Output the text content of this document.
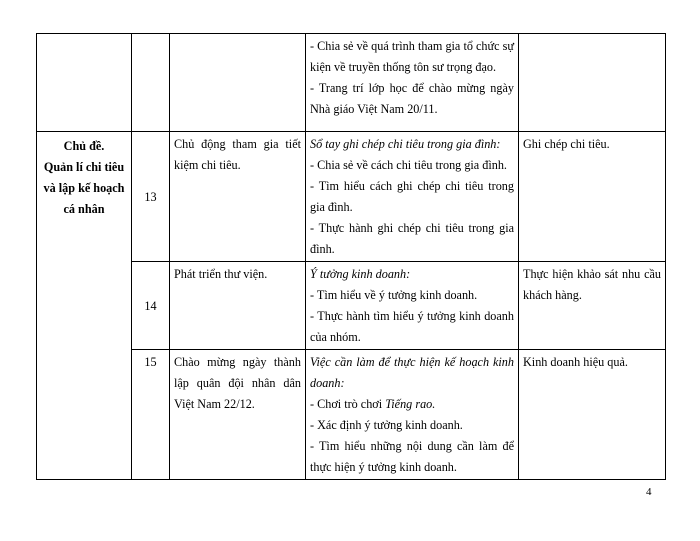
			- Chia sẻ về quá trình tham gia tổ chức sự kiện về truyền thống tôn sư trọng đạo.
- Trang trí lớp học để chào mừng ngày Nhà giáo Việt Nam 20/11.	

Chủ đề.
Quản lí chi tiêu
và lập kế hoạch
cá nhân	13	Chủ động tham gia tiết kiệm chi tiêu.	Sổ tay ghi chép chi tiêu trong gia đình:
- Chia sẻ về cách chi tiêu trong gia đình.
- Tìm hiểu cách ghi chép chi tiêu trong gia đình.
- Thực hành ghi chép chi tiêu trong gia đình.	Ghi chép chi tiêu.
	14	Phát triển thư viện.	Ý tưởng kinh doanh:
- Tìm hiểu về ý tưởng kinh doanh.
- Thực hành tìm hiểu ý tưởng kinh doanh của nhóm.	Thực hiện khảo sát nhu cầu khách hàng.
	15	Chào mừng ngày thành lập quân đội nhân dân Việt Nam 22/12.	Việc cần làm để thực hiện kế hoạch kinh doanh:
- Chơi trò chơi Tiếng rao.
- Xác định ý tưởng kinh doanh.
- Tìm hiểu những nội dung cần làm để thực hiện ý tưởng kinh doanh.	Kinh doanh hiệu quả.
4
